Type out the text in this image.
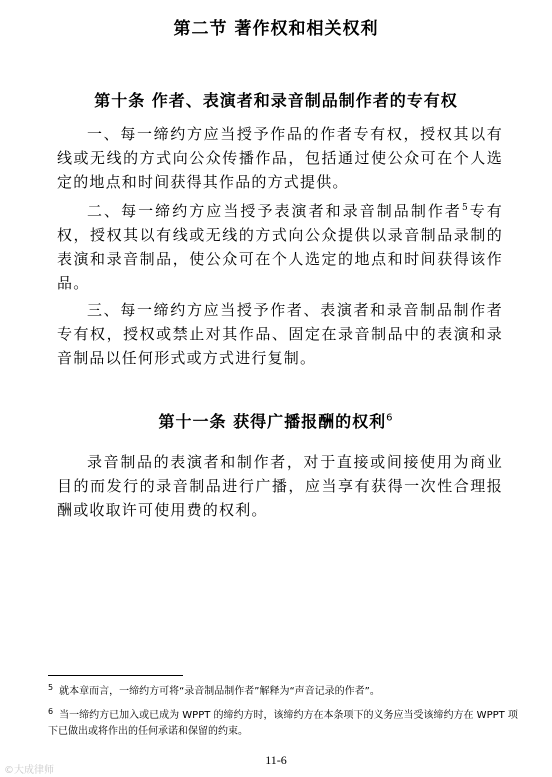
第二节 著作权和相关权利
第十条 作者、表演者和录音制品制作者的专有权
一、每一缔约方应当授予作品的作者专有权，授权其以有线或无线的方式向公众传播作品，包括通过使公众可在个人选定的地点和时间获得其作品的方式提供。
二、每一缔约方应当授予表演者和录音制品制作者$^5$专有权，授权其以有线或无线的方式向公众提供以录音制品录制的表演和录音制品，使公众可在个人选定的地点和时间获得该作品。
三、每一缔约方应当授予作者、表演者和录音制品制作者专有权，授权或禁止对其作品、固定在录音制品中的表演和录音制品以任何形式或方式进行复制。
第十一条 获得广播报酬的权利$^6$
录音制品的表演者和制作者，对于直接或间接使用为商业目的而发行的录音制品进行广播，应当享有获得一次性合理报酬或收取许可使用费的权利。
$^5$ 就本章而言，一缔约方可将“录音制品制作者”解释为“声音记录的作者”。
$^6$ 当一缔约方已加入或已成为 WPPT 的缔约方时，该缔约方在本条项下的义务应当受该缔约方在 WPPT 项下已做出或将作出的任何承诺和保留的约束。
11-6
©大成律师
